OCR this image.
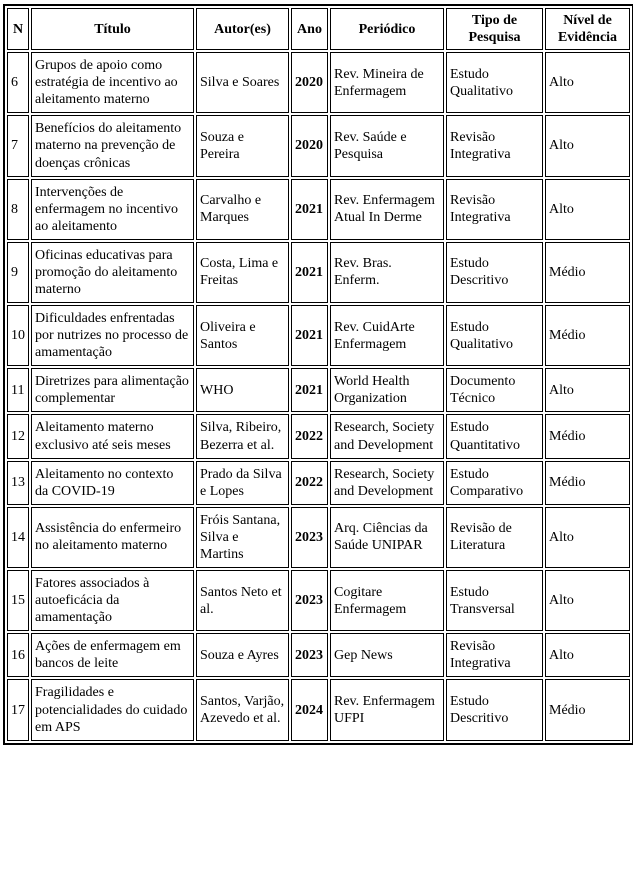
N	Título	Autor(es)	Ano	Periódico	Tipo de Pesquisa	Nível de Evidência
6	Grupos de apoio como estratégia de incentivo ao aleitamento materno	Silva e Soares	2020	Rev. Mineira de Enfermagem	Estudo Qualitativo	Alto
7	Benefícios do aleitamento materno na prevenção de doenças crônicas	Souza e Pereira	2020	Rev. Saúde e Pesquisa	Revisão Integrativa	Alto
8	Intervenções de enfermagem no incentivo ao aleitamento	Carvalho e Marques	2021	Rev. Enfermagem Atual In Derme	Revisão Integrativa	Alto
9	Oficinas educativas para promoção do aleitamento materno	Costa, Lima e Freitas	2021	Rev. Bras. Enferm.	Estudo Descritivo	Médio
10	Dificuldades enfrentadas por nutrizes no processo de amamentação	Oliveira e Santos	2021	Rev. CuidArte Enfermagem	Estudo Qualitativo	Médio
11	Diretrizes para alimentação complementar	WHO	2021	World Health Organization	Documento Técnico	Alto
12	Aleitamento materno exclusivo até seis meses	Silva, Ribeiro, Bezerra et al.	2022	Research, Society and Development	Estudo Quantitativo	Médio
13	Aleitamento no contexto da COVID-19	Prado da Silva e Lopes	2022	Research, Society and Development	Estudo Comparativo	Médio
14	Assistência do enfermeiro no aleitamento materno	Fróis Santana, Silva e Martins	2023	Arq. Ciências da Saúde UNIPAR	Revisão de Literatura	Alto
15	Fatores associados à autoeficácia da amamentação	Santos Neto et al.	2023	Cogitare Enfermagem	Estudo Transversal	Alto
16	Ações de enfermagem em bancos de leite	Souza e Ayres	2023	Gep News	Revisão Integrativa	Alto
17	Fragilidades e potencialidades do cuidado em APS	Santos, Varjão, Azevedo et al.	2024	Rev. Enfermagem UFPI	Estudo Descritivo	Médio
